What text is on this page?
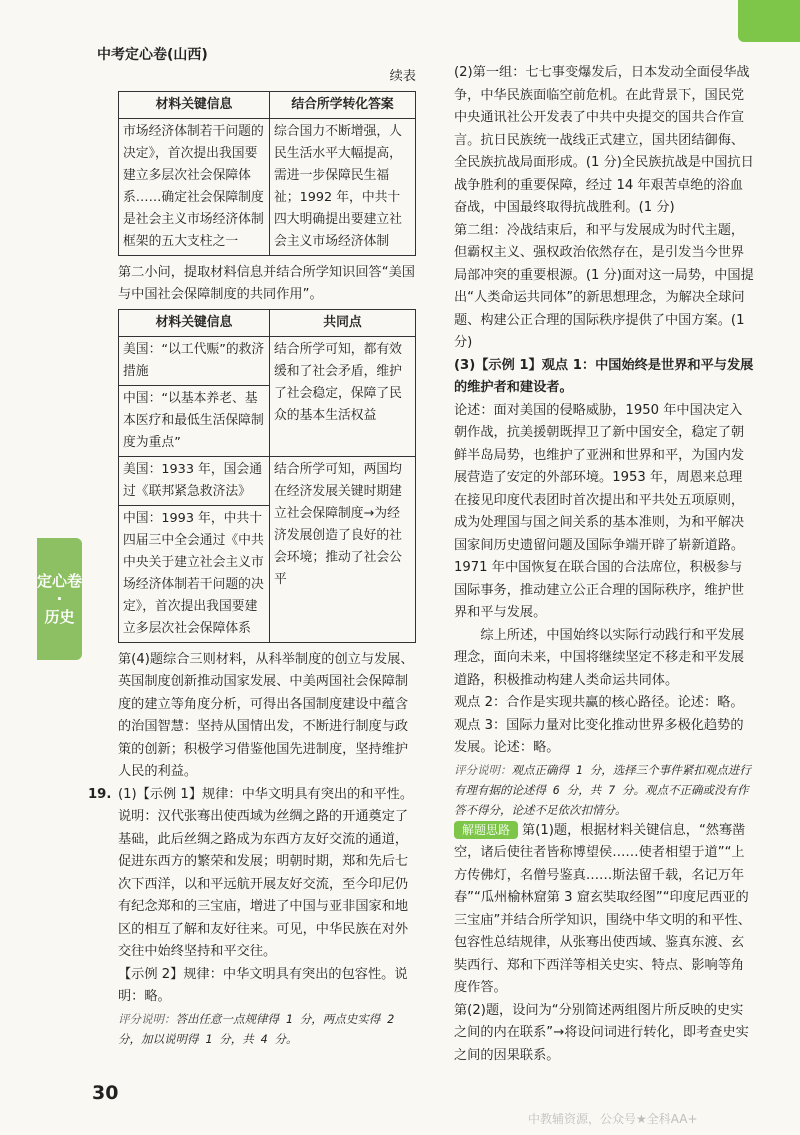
中考定心卷(山西)
定心卷
·
历史
续表
材料关键信息	结合所学转化答案
市场经济体制若干问题的决定》，首次提出我国要建立多层次社会保障体系……确定社会保障制度是社会主义市场经济体制框架的五大支柱之一	综合国力不断增强，人民生活水平大幅提高，需进一步保障民生福祉；1992 年，中共十四大明确提出要建立社会主义市场经济体制

第二小问，提取材料信息并结合所学知识回答“美国与中国社会保障制度的共同作用”。

材料关键信息	共同点
美国：“以工代赈”的救济措施	结合所学可知，都有效缓和了社会矛盾，维护了社会稳定，保障了民众的基本生活权益
中国：“以基本养老、基本医疗和最低生活保障制度为重点”	
美国：1933 年，国会通过《联邦紧急救济法》	结合所学可知，两国均在经济发展关键时期建立社会保障制度→为经济发展创造了良好的社会环境；推动了社会公平
中国：1993 年，中共十四届三中全会通过《中共中央关于建立社会主义市场经济体制若干问题的决定》，首次提出我国要建立多层次社会保障体系	

第(4)题综合三则材料，从科举制度的创立与发展、英国制度创新推动国家发展、中美两国社会保障制度的建立等角度分析，可得出各国制度建设中蕴含的治国智慧：坚持从国情出发，不断进行制度与政策的创新；积极学习借鉴他国先进制度，坚持维护人民的利益。

19. (1)【示例 1】规律：中华文明具有突出的和平性。说明：汉代张骞出使西域为丝绸之路的开通奠定了基础，此后丝绸之路成为东西方友好交流的通道，促进东西方的繁荣和发展；明朝时期，郑和先后七次下西洋，以和平远航开展友好交流，至今印尼仍有纪念郑和的三宝庙，增进了中国与亚非国家和地区的相互了解和友好往来。可见，中华民族在对外交往中始终坚持和平交往。

【示例 2】规律：中华文明具有突出的包容性。说明：略。

评分说明：答出任意一点规律得 1 分，两点史实得 2 分，加以说明得 1 分，共 4 分。

(2)第一组：七七事变爆发后，日本发动全面侵华战争，中华民族面临空前危机。在此背景下，国民党中央通讯社公开发表了中共中央提交的国共合作宣言。抗日民族统一战线正式建立，国共团结御侮、全民族抗战局面形成。(1 分)全民族抗战是中国抗日战争胜利的重要保障，经过 14 年艰苦卓绝的浴血奋战，中国最终取得抗战胜利。(1 分)

第二组：冷战结束后，和平与发展成为时代主题，但霸权主义、强权政治依然存在，是引发当今世界局部冲突的重要根源。(1 分)面对这一局势，中国提出“人类命运共同体”的新思想理念，为解决全球问题、构建公正合理的国际秩序提供了中国方案。(1 分)

(3)【示例 1】观点 1：中国始终是世界和平与发展的维护者和建设者。

论述：面对美国的侵略威胁，1950 年中国决定入朝作战，抗美援朝既捍卫了新中国安全，稳定了朝鲜半岛局势，也维护了亚洲和世界和平，为国内发展营造了安定的外部环境。1953 年，周恩来总理在接见印度代表团时首次提出和平共处五项原则，成为处理国与国之间关系的基本准则，为和平解决国家间历史遗留问题及国际争端开辟了崭新道路。1971 年中国恢复在联合国的合法席位，积极参与国际事务，推动建立公正合理的国际秩序，维护世界和平与发展。

综上所述，中国始终以实际行动践行和平发展理念，面向未来，中国将继续坚定不移走和平发展道路，积极推动构建人类命运共同体。

观点 2：合作是实现共赢的核心路径。论述：略。

观点 3：国际力量对比变化推动世界多极化趋势的发展。论述：略。

评分说明：观点正确得 1 分，选择三个事件紧扣观点进行有理有据的论述得 6 分，共 7 分。观点不正确或没有作答不得分，论述不足依次扣情分。

解题思路 第(1)题，根据材料关键信息，“然骞凿空，诸后使往者皆称博望侯……使者相望于道”“上方传佛灯，名僧号鉴真……斯法留千载，名记万年春”“瓜州榆林窟第 3 窟玄奘取经图”“印度尼西亚的三宝庙”并结合所学知识，围绕中华文明的和平性、包容性总结规律，从张骞出使西域、鉴真东渡、玄奘西行、郑和下西洋等相关史实、特点、影响等角度作答。

第(2)题，设问为“分别简述两组图片所反映的史实之间的内在联系”→将设问词进行转化，即考查史实之间的因果联系。

30
中教辅资源，公众号★全科AA+
